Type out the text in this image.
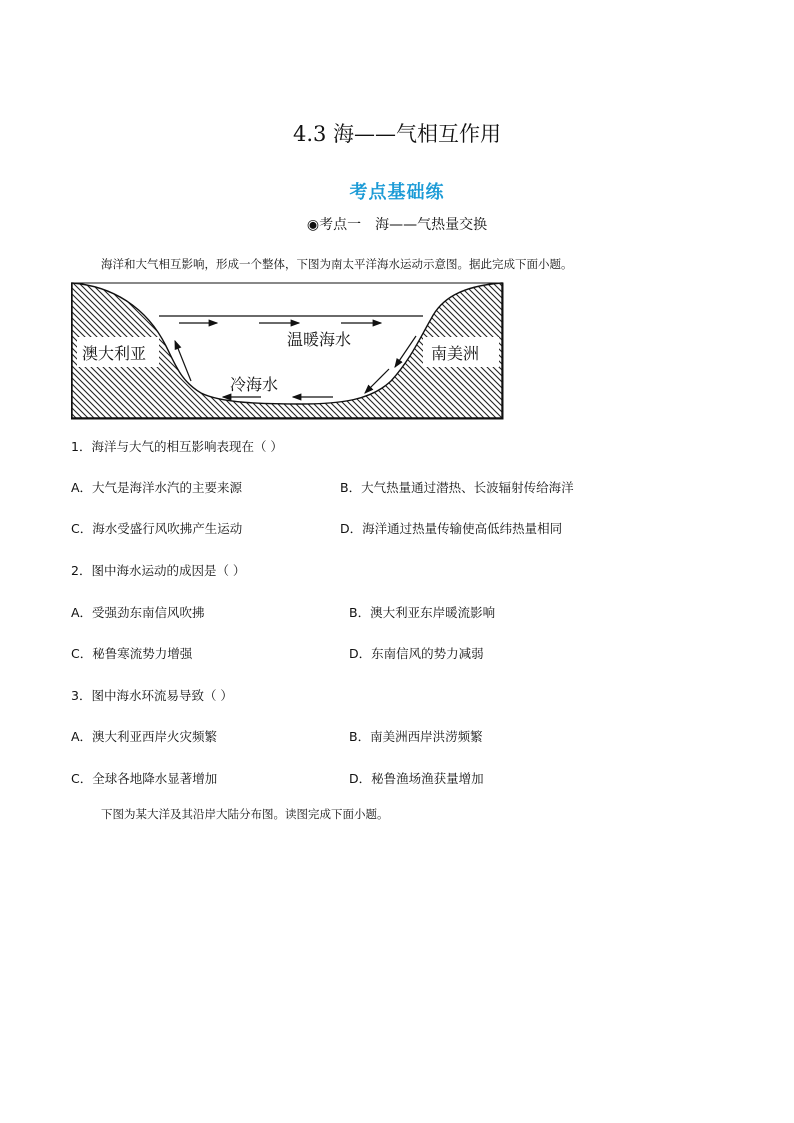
4.3 海——气相互作用
考点基础练
◉考点一　海——气热量交换
海洋和大气相互影响，形成一个整体，下图为南太平洋海水运动示意图。据此完成下面小题。
澳大利亚	南美洲
温暖海水
冷海水
1．海洋与大气的相互影响表现在（ ）
A．大气是海洋水汽的主要来源	B．大气热量通过潜热、长波辐射传给海洋
C．海水受盛行风吹拂产生运动	D．海洋通过热量传输使高低纬热量相同
2．图中海水运动的成因是（ ）
A．受强劲东南信风吹拂	B．澳大利亚东岸暖流影响
C．秘鲁寒流势力增强	D．东南信风的势力减弱
3．图中海水环流易导致（ ）
A．澳大利亚西岸火灾频繁	B．南美洲西岸洪涝频繁
C．全球各地降水显著增加	D．秘鲁渔场渔获量增加
下图为某大洋及其沿岸大陆分布图。读图完成下面小题。
